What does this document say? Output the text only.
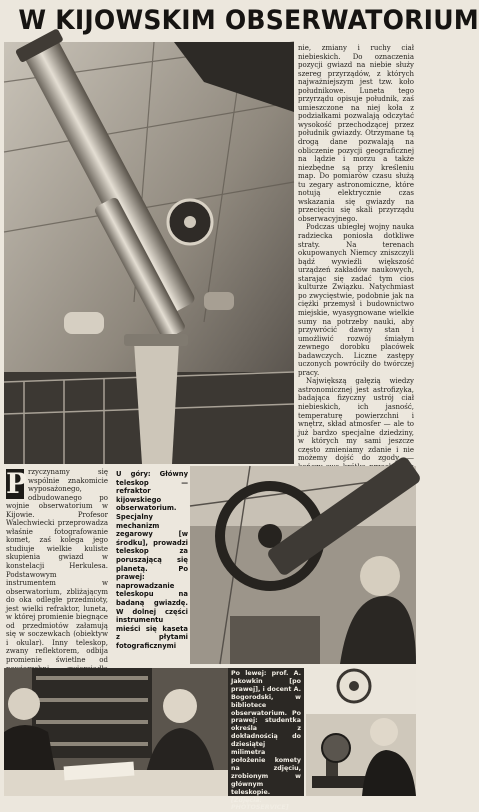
W KIJOWSKIM OBSERWATORIUM

nie, zmiany i ruchy ciał niebieskich. Do oznaczenia pozycji gwiazd na niebie służy szereg przyrządów, z których najważniejszym jest tzw. koło południkowe. Luneta tego przyrządu opisuje południk, zaś umieszczone na niej koła z podziałkami pozwalają odczytać wysokość przechodzącej przez południk gwiazdy. Otrzymane tą drogą dane pozwalają na obliczenie pozycji geograficznej na lądzie i morzu a także niezbędne są przy kreśleniu map. Do pomiarów czasu służą tu zegary astronomiczne, które notują elektrycznie czas wskazania się gwiazdy na przecięciu się skali przyrządu obserwacyjnego.

Podczas ubiegłej wojny nauka radziecka poniosła dotkliwe straty. Na terenach okupowanych Niemcy zniszczyli bądź wywieźli większość urządzeń zakładów naukowych, starając się zadać tym cios kulturze Związku. Natychmiast po zwycięstwie, podobnie jak na ciężki przemysł i budownictwo miejskie, wyasygnowane wielkie sumy na potrzeby nauki, aby przywrócić dawny stan i umożliwić rozwój śmiałym zewnego dorobku placówek badawczych. Liczne zastępy uczonych powróciły do twórczej pracy.

Największą gałęzią wiedzy astronomicznej jest astrofizyka, badająca fizyczny ustrój ciał niebieskich, ich jasność, temperaturę powierzchni i wnętrz, skład atmosfer — ale to już bardzo specjalne dziedziny, w których my sami jeszcze często zmieniamy zdanie i nie możemy dojść do zgody —

P rzyczynamy się wspólnie znakomicie wyposażonego, odbudowanego po wojnie obserwatorium w Kijowie. Profesor Walechwiecki przeprowadza właśnie fotografowanie komet, zaś kolega jego studiuje wielkie kuliste skupienia gwiazd w konstelacji Herkulesa. Podstawowym instrumentem w obserwatorium, zbliżającym do oka odległe przedmioty, jest wielki refraktor, luneta, w której promienie biegnące od przedmiotów załamują się w soczewkach (obiektyw i okular). Inny teleskop, zwany reflektorem, odbija promienie świetlne od
U góry: Główny teleskop — refraktor kijowskiego obserwatorium. Specjalny mechanizm zegarowy [w środku], prowadzi teleskop za poruszającą się planetą. Po prawej: naprowadzanie teleskopu na badaną gwiazdę. W dolnej części instrumentu mieści się kaseta z płytami fotograficznymi
Po lewej: prof. A. Jakowkin [po prawej], i docent A. Bogorodski, w bibliotece obserwatorium. Po prawej: studentka określa z dokładnością do dziesiątej milimetra położenie komety na zdjęciu, zrobionym w głównym teleskopie. [Zdjęcia: PHOTOSERVICE]
